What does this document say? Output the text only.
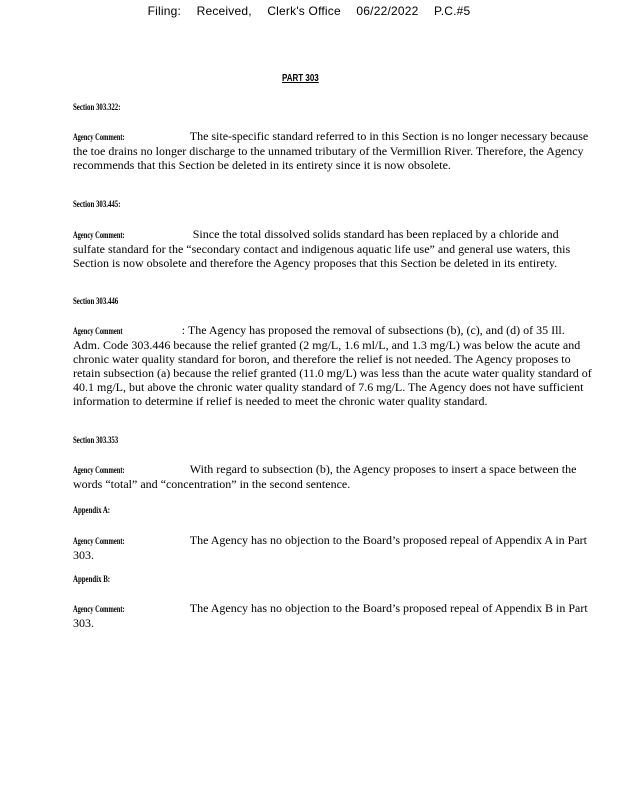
Filing: Received, Clerk's Office 06/22/2022 P.C.#5
PART 303
Section 303.322:
Agency Comment:	The site-specific standard referred to in this Section is no longer necessary because the toe drains no longer discharge to the unnamed tributary of the Vermillion River. Therefore, the Agency recommends that this Section be deleted in its entirety since it is now obsolete.
Section 303.445:
Agency Comment:	Since the total dissolved solids standard has been replaced by a chloride and sulfate standard for the “secondary contact and indigenous aquatic life use” and general use waters, this Section is now obsolete and therefore the Agency proposes that this Section be deleted in its entirety.
Section 303.446
Agency Comment	: The Agency has proposed the removal of subsections (b), (c), and (d) of 35 Ill. Adm. Code 303.446 because the relief granted (2 mg/L, 1.6 ml/L, and 1.3 mg/L) was below the acute and chronic water quality standard for boron, and therefore the relief is not needed. The Agency proposes to retain subsection (a) because the relief granted (11.0 mg/L) was less than the acute water quality standard of 40.1 mg/L, but above the chronic water quality standard of 7.6 mg/L. The Agency does not have sufficient information to determine if relief is needed to meet the chronic water quality standard.
Section 303.353
Agency Comment:	With regard to subsection (b), the Agency proposes to insert a space between the words “total” and “concentration” in the second sentence.
Appendix A:
Agency Comment:	The Agency has no objection to the Board’s proposed repeal of Appendix A in Part 303.
Appendix B:
Agency Comment:	The Agency has no objection to the Board’s proposed repeal of Appendix B in Part 303.
